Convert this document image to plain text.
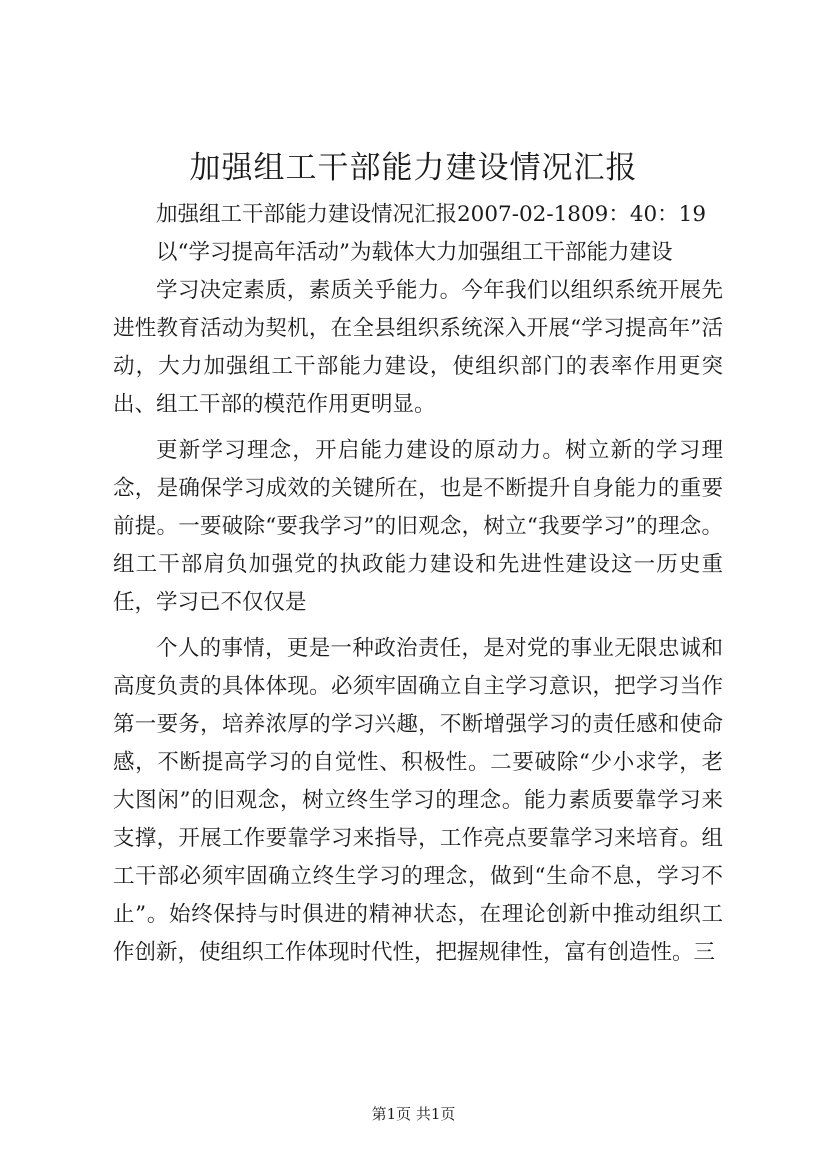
加强组工干部能力建设情况汇报

加强组工干部能力建设情况汇报2007-02-1809：40：19

以“学习提高年活动”为载体大力加强组工干部能力建设

学习决定素质，素质关乎能力。今年我们以组织系统开展先进性教育活动为契机，在全县组织系统深入开展“学习提高年”活动，大力加强组工干部能力建设，使组织部门的表率作用更突出、组工干部的模范作用更明显。

更新学习理念，开启能力建设的原动力。树立新的学习理念，是确保学习成效的关键所在，也是不断提升自身能力的重要前提。一要破除“要我学习”的旧观念，树立“我要学习”的理念。组工干部肩负加强党的执政能力建设和先进性建设这一历史重任，学习已不仅仅是

个人的事情，更是一种政治责任，是对党的事业无限忠诚和高度负责的具体体现。必须牢固确立自主学习意识，把学习当作第一要务，培养浓厚的学习兴趣，不断增强学习的责任感和使命感，不断提高学习的自觉性、积极性。二要破除“少小求学，老大图闲”的旧观念，树立终生学习的理念。能力素质要靠学习来支撑，开展工作要靠学习来指导，工作亮点要靠学习来培育。组工干部必须牢固确立终生学习的理念，做到“生命不息，学习不止”。始终保持与时俱进的精神状态，在理论创新中推动组织工作创新，使组织工作体现时代性，把握规律性，富有创造性。三

第1页 共1页
